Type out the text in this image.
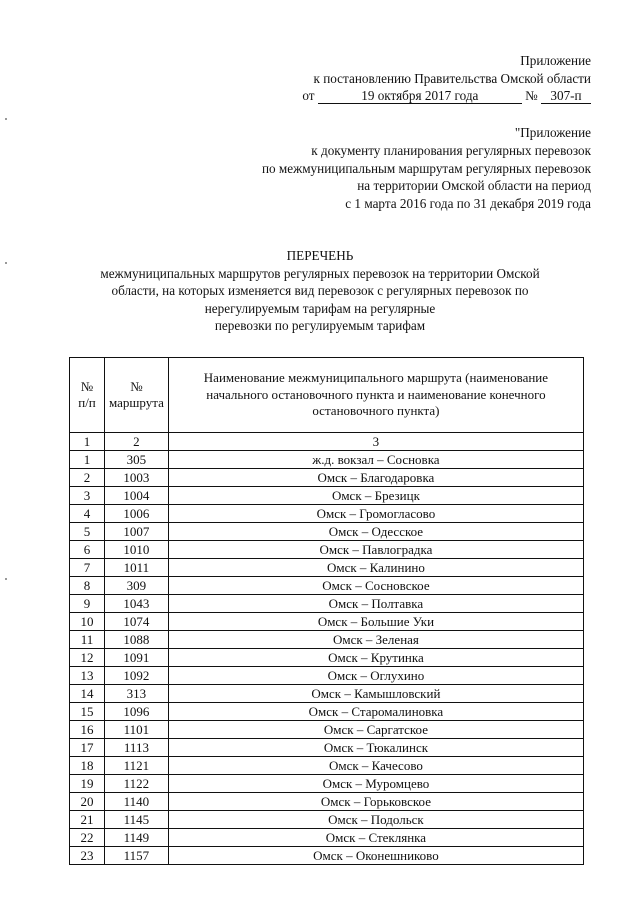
Приложение
к постановлению Правительства Омской области
от	19 октября 2017 года	№ 307-п
"Приложение
к документу планирования регулярных перевозок
по межмуниципальным маршрутам регулярных перевозок
на территории Омской области на период
с 1 марта 2016 года по 31 декабря 2019 года
ПЕРЕЧЕНЬ
межмуниципальных маршрутов регулярных перевозок на территории Омской
области, на которых изменяется вид перевозок с регулярных перевозок по
нерегулируемым тарифам на регулярные
перевозки по регулируемым тарифам
№ п/п	№ маршрута	Наименование межмуниципального маршрута (наименование начального остановочного пункта и наименование конечного остановочного пункта)
1	2	3
1	305	ж.д. вокзал – Сосновка
2	1003	Омск – Благодаровка
3	1004	Омск – Брезицк
4	1006	Омск – Громогласово
5	1007	Омск – Одесское
6	1010	Омск – Павлоградка
7	1011	Омск – Калинино
8	309	Омск – Сосновское
9	1043	Омск – Полтавка
10	1074	Омск – Большие Уки
11	1088	Омск – Зеленая
12	1091	Омск – Крутинка
13	1092	Омск – Оглухино
14	313	Омск – Камышловский
15	1096	Омск – Старомалиновка
16	1101	Омск – Саргатское
17	1113	Омск – Тюкалинск
18	1121	Омск – Качесово
19	1122	Омск – Муромцево
20	1140	Омск – Горьковское
21	1145	Омск – Подольск
22	1149	Омск – Стеклянка
23	1157	Омск – Оконешниково
